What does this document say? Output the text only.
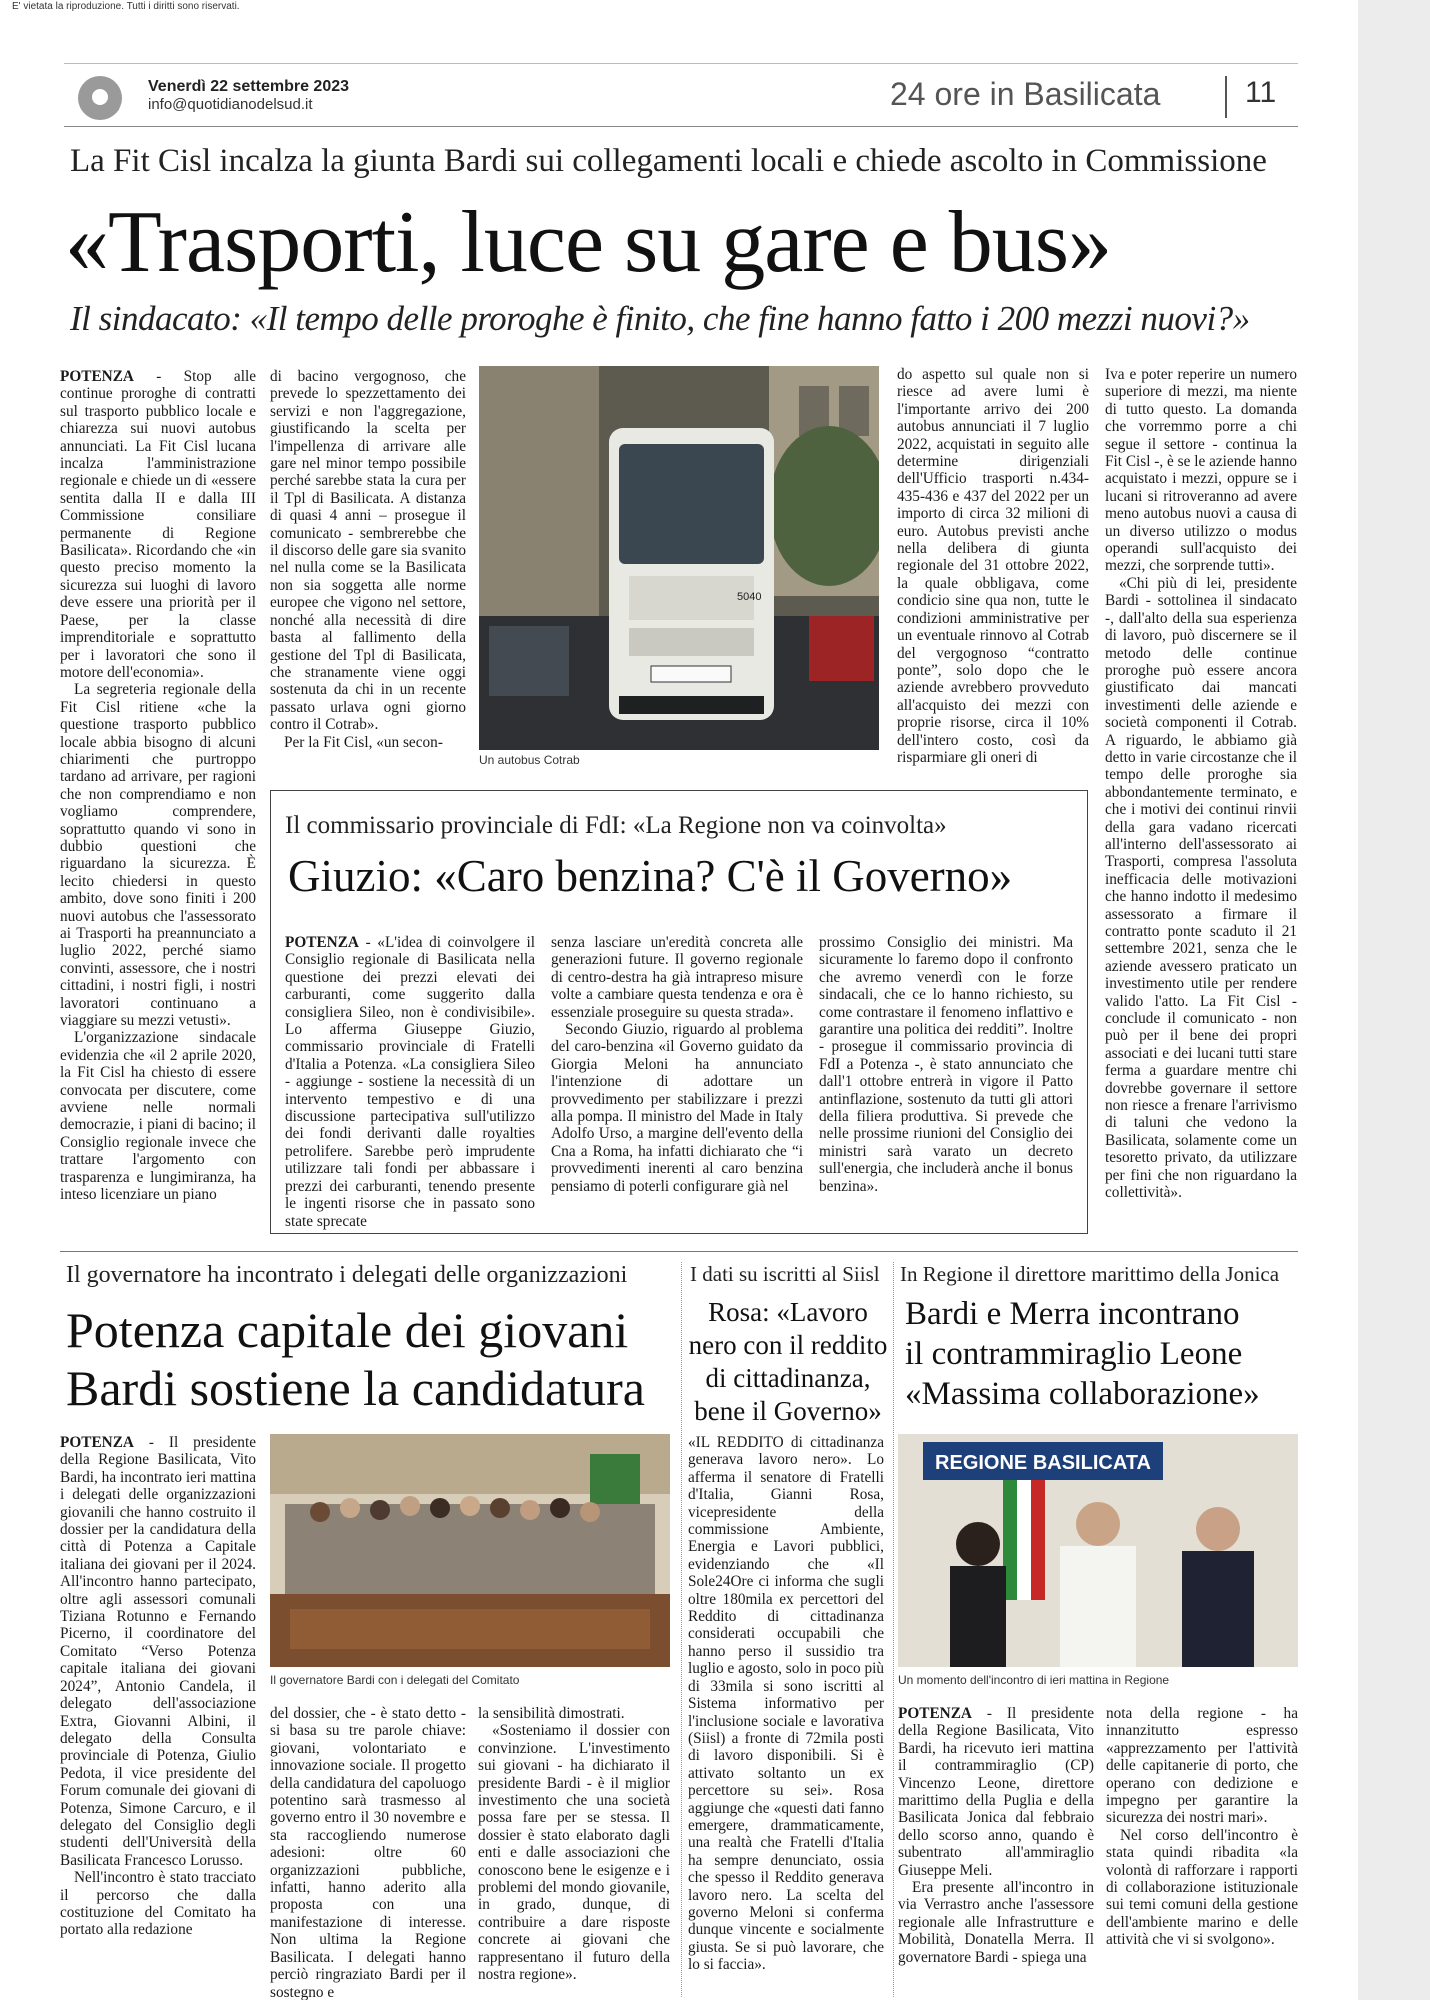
E' vietata la riproduzione. Tutti i diritti sono riservati.
Venerdì 22 settembre 2023
info@quotidianodelsud.it	24 ore in Basilicata	11
La Fit Cisl incalza la giunta Bardi sui collegamenti locali e chiede ascolto in Commissione
«Trasporti, luce su gare e bus»
Il sindacato: «Il tempo delle proroghe è finito, che fine hanno fatto i 200 mezzi nuovi?»

POTENZA - Stop alle continue proroghe di contratti sul trasporto pubblico locale e chiarezza sui nuovi autobus annunciati. La Fit Cisl lucana incalza l'amministrazione regionale e chiede un di «essere sentita dalla II e dalla III Commissione consiliare permanente di Regione Basilicata». Ricordando che «in questo preciso momento la sicurezza sui luoghi di lavoro deve essere una priorità per il Paese, per la classe imprenditoriale e soprattutto per i lavoratori che sono il motore dell'economia».

La segreteria regionale della Fit Cisl ritiene «che la questione trasporto pubblico locale abbia bisogno di alcuni chiarimenti che purtroppo tardano ad arrivare, per ragioni che non comprendiamo e non vogliamo comprendere, soprattutto quando vi sono in dubbio questioni che riguardano la sicurezza. È lecito chiedersi in questo ambito, dove sono finiti i 200 nuovi autobus che l'assessorato ai Trasporti ha preannunciato a luglio 2022, perché siamo convinti, assessore, che i nostri cittadini, i nostri figli, i nostri lavoratori continuano a viaggiare su mezzi vetusti».

L'organizzazione sindacale evidenzia che «il 2 aprile 2020, la Fit Cisl ha chiesto di essere convocata per discutere, come avviene nelle normali democrazie, i piani di bacino; il Consiglio regionale invece che trattare l'argomento con trasparenza e lungimiranza, ha inteso licenziare un piano

di bacino vergognoso, che prevede lo spezzettamento dei servizi e non l'aggregazione, giustificando la scelta per l'impellenza di arrivare alle gare nel minor tempo possibile perché sarebbe stata la cura per il Tpl di Basilicata. A distanza di quasi 4 anni – prosegue il comunicato - sembrerebbe che il discorso delle gare sia svanito nel nulla come se la Basilicata non sia soggetta alle norme europee che vigono nel settore, nonché alla necessità di dire basta al fallimento della gestione del Tpl di Basilicata, che stranamente viene oggi sostenuta da chi in un recente passato urlava ogni giorno contro il Cotrab».

Per la Fit Cisl, «un secon-

5040
Un autobus Cotrab

do aspetto sul quale non si riesce ad avere lumi è l'importante arrivo dei 200 autobus annunciati il 7 luglio 2022, acquistati in seguito alle determine dirigenziali dell'Ufficio trasporti n.434-435-436 e 437 del 2022 per un importo di circa 32 milioni di euro. Autobus previsti anche nella delibera di giunta regionale del 31 ottobre 2022, la quale obbligava, come condicio sine qua non, tutte le condizioni amministrative per un eventuale rinnovo al Cotrab del vergognoso “contratto ponte”, solo dopo che le aziende avrebbero provveduto all'acquisto dei mezzi con proprie risorse, circa il 10% dell'intero costo, così da risparmiare gli oneri di

Iva e poter reperire un numero superiore di mezzi, ma niente di tutto questo. La domanda che vorremmo porre a chi segue il settore - continua la Fit Cisl -, è se le aziende hanno acquistato i mezzi, oppure se i lucani si ritroveranno ad avere meno autobus nuovi a causa di un diverso utilizzo o modus operandi sull'acquisto dei mezzi, che sorprende tutti».

«Chi più di lei, presidente Bardi - sottolinea il sindacato -, dall'alto della sua esperienza di lavoro, può discernere se il metodo delle continue proroghe può essere ancora giustificato dai mancati investimenti delle aziende e società componenti il Cotrab. A riguardo, le abbiamo già detto in varie circostanze che il tempo delle proroghe sia abbondantemente terminato, e che i motivi dei continui rinvii della gara vadano ricercati all'interno dell'assessorato ai Trasporti, compresa l'assoluta inefficacia delle motivazioni che hanno indotto il medesimo assessorato a firmare il contratto ponte scaduto il 21 settembre 2021, senza che le aziende avessero praticato un investimento utile per rendere valido l'atto. La Fit Cisl - conclude il comunicato - non può per il bene dei propri associati e dei lucani tutti stare ferma a guardare mentre chi dovrebbe governare il settore non riesce a frenare l'arrivismo di taluni che vedono la Basilicata, solamente come un tesoretto privato, da utilizzare per fini che non riguardano la collettività».

Il commissario provinciale di FdI: «La Regione non va coinvolta»
Giuzio: «Caro benzina? C'è il Governo»

POTENZA - «L'idea di coinvolgere il Consiglio regionale di Basilicata nella questione dei prezzi elevati dei carburanti, come suggerito dalla consigliera Sileo, non è condivisibile». Lo afferma Giuseppe Giuzio, commissario provinciale di Fratelli d'Italia a Potenza. «La consigliera Sileo - aggiunge - sostiene la necessità di un intervento tempestivo e di una discussione partecipativa sull'utilizzo dei fondi derivanti dalle royalties petrolifere. Sarebbe però imprudente utilizzare tali fondi per abbassare i prezzi dei carburanti, tenendo presente le ingenti risorse che in passato sono state sprecate

senza lasciare un'eredità concreta alle generazioni future. Il governo regionale di centro-destra ha già intrapreso misure volte a cambiare questa tendenza e ora è essenziale proseguire su questa strada».

Secondo Giuzio, riguardo al problema del caro-benzina «il Governo guidato da Giorgia Meloni ha annunciato l'intenzione di adottare un provvedimento per stabilizzare i prezzi alla pompa. Il ministro del Made in Italy Adolfo Urso, a margine dell'evento della Cna a Roma, ha infatti dichiarato che “i provvedimenti inerenti al caro benzina pensiamo di poterli configurare già nel

prossimo Consiglio dei ministri. Ma sicuramente lo faremo dopo il confronto che avremo venerdì con le forze sindacali, che ce lo hanno richiesto, su come contrastare il fenomeno inflattivo e garantire una politica dei redditi”. Inoltre - prosegue il commissario provincia di FdI a Potenza -, è stato annunciato che dall'1 ottobre entrerà in vigore il Patto antinflazione, sostenuto da tutti gli attori della filiera produttiva. Si prevede che nelle prossime riunioni del Consiglio dei ministri sarà varato un decreto sull'energia, che includerà anche il bonus benzina».

Il governatore ha incontrato i delegati delle organizzazioni
Potenza capitale dei giovani
Bardi sostiene la candidatura

POTENZA - Il presidente della Regione Basilicata, Vito Bardi, ha incontrato ieri mattina i delegati delle organizzazioni giovanili che hanno costruito il dossier per la candidatura della città di Potenza a Capitale italiana dei giovani per il 2024. All'incontro hanno partecipato, oltre agli assessori comunali Tiziana Rotunno e Fernando Picerno, il coordinatore del Comitato “Verso Potenza capitale italiana dei giovani 2024”, Antonio Candela, il delegato dell'associazione Extra, Giovanni Albini, il delegato della Consulta provinciale di Potenza, Giulio Pedota, il vice presidente del Forum comunale dei giovani di Potenza, Simone Carcuro, e il delegato del Consiglio degli studenti dell'Università della Basilicata Francesco Lorusso.

Nell'incontro è stato tracciato il percorso che dalla costituzione del Comitato ha portato alla redazione

Il governatore Bardi con i delegati del Comitato

del dossier, che - è stato detto - si basa su tre parole chiave: giovani, volontariato e innovazione sociale. Il progetto della candidatura del capoluogo potentino sarà trasmesso al governo entro il 30 novembre e sta raccogliendo numerose adesioni: oltre 60 organizzazioni pubbliche, infatti, hanno aderito alla proposta con una manifestazione di interesse. Non ultima la Regione Basilicata. I delegati hanno perciò ringraziato Bardi per il sostegno e

la sensibilità dimostrati.

«Sosteniamo il dossier con convinzione. L'investimento sui giovani - ha dichiarato il presidente Bardi - è il miglior investimento che una società possa fare per se stessa. Il dossier è stato elaborato dagli enti e dalle associazioni che conoscono bene le esigenze e i problemi del mondo giovanile, in grado, dunque, di contribuire a dare risposte concrete ai giovani che rappresentano il futuro della nostra regione».

I dati su iscritti al Siisl
Rosa: «Lavoro nero con il reddito di cittadinanza, bene il Governo»

«IL REDDITO di cittadinanza generava lavoro nero». Lo afferma il senatore di Fratelli d'Italia, Gianni Rosa, vicepresidente della commissione Ambiente, Energia e Lavori pubblici, evidenziando che «Il Sole24Ore ci informa che sugli oltre 180mila ex percettori del Reddito di cittadinanza considerati occupabili che hanno perso il sussidio tra luglio e agosto, solo in poco più di 33mila si sono iscritti al Sistema informativo per l'inclusione sociale e lavorativa (Siisl) a fronte di 72mila posti di lavoro disponibili. Si è attivato soltanto un ex percettore su sei». Rosa aggiunge che «questi dati fanno emergere, drammaticamente, una realtà che Fratelli d'Italia ha sempre denunciato, ossia che spesso il Reddito generava lavoro nero. La scelta del governo Meloni si conferma dunque vincente e socialmente giusta. Se si può lavorare, che lo si faccia».

In Regione il direttore marittimo della Jonica
Bardi e Merra incontrano
il contrammiraglio Leone
«Massima collaborazione»
REGIONE BASILICATA
Un momento dell'incontro di ieri mattina in Regione

POTENZA - Il presidente della Regione Basilicata, Vito Bardi, ha ricevuto ieri mattina il contrammiraglio (CP) Vincenzo Leone, direttore marittimo della Puglia e della Basilicata Jonica dal febbraio dello scorso anno, quando è subentrato all'ammiraglio Giuseppe Meli.

Era presente all'incontro in via Verrastro anche l'assessore regionale alle Infrastrutture e Mobilità, Donatella Merra. Il governatore Bardi - spiega una

nota della regione - ha innanzitutto espresso «apprezzamento per l'attività delle capitanerie di porto, che operano con dedizione e impegno per garantire la sicurezza dei nostri mari».

Nel corso dell'incontro è stata quindi ribadita «la volontà di rafforzare i rapporti di collaborazione istituzionale sui temi comuni della gestione dell'ambiente marino e delle attività che vi si svolgono».
